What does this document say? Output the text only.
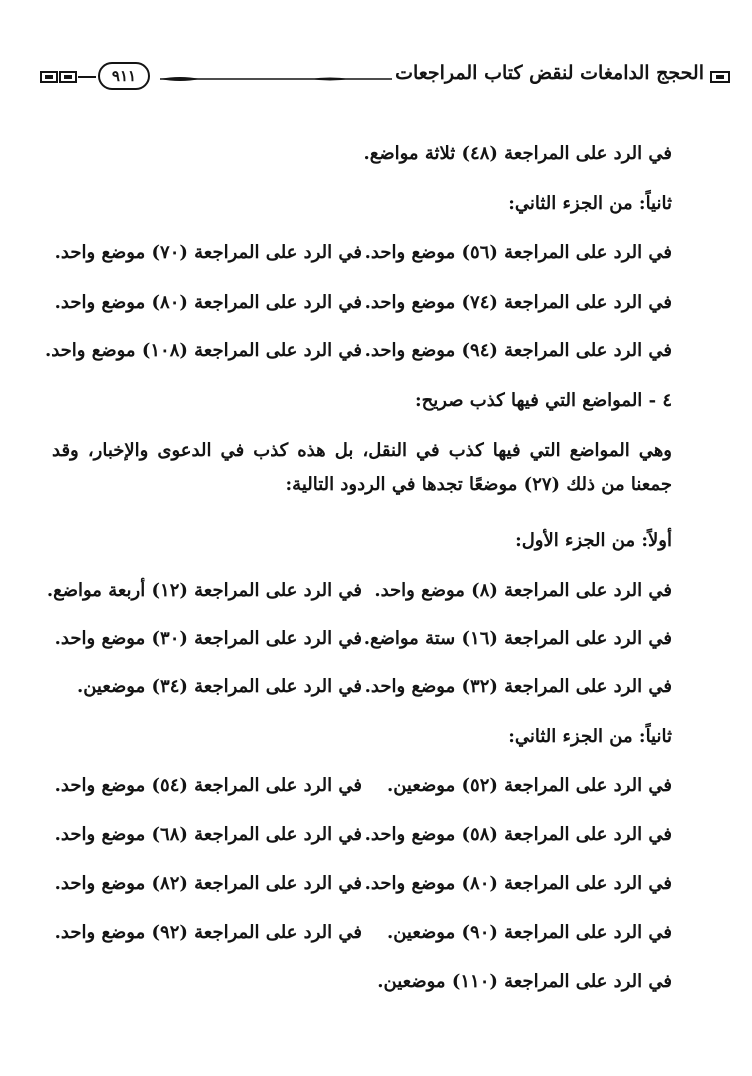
الحجج الدامغات لنقض كتاب المراجعات
٩١١
في الرد على المراجعة (٤٨) ثلاثة مواضع.
ثانياً: من الجزء الثاني:
في الرد على المراجعة (٥٦) موضع واحد.
في الرد على المراجعة (٧٠) موضع واحد.
في الرد على المراجعة (٧٤) موضع واحد.
في الرد على المراجعة (٨٠) موضع واحد.
في الرد على المراجعة (٩٤) موضع واحد.
في الرد على المراجعة (١٠٨) موضع واحد.
٤ - المواضع التي فيها كذب صريح:
وهي المواضع التي فيها كذب في النقل، بل هذه كذب في الدعوى والإخبار، وقد جمعنا من ذلك (٢٧) موضعًا تجدها في الردود التالية:
أولاً: من الجزء الأول:
في الرد على المراجعة (٨) موضع واحد.
في الرد على المراجعة (١٢) أربعة مواضع.
في الرد على المراجعة (١٦) ستة مواضع.
في الرد على المراجعة (٣٠) موضع واحد.
في الرد على المراجعة (٣٢) موضع واحد.
في الرد على المراجعة (٣٤) موضعين.
ثانياً: من الجزء الثاني:
في الرد على المراجعة (٥٢) موضعين.
في الرد على المراجعة (٥٤) موضع واحد.
في الرد على المراجعة (٥٨) موضع واحد.
في الرد على المراجعة (٦٨) موضع واحد.
في الرد على المراجعة (٨٠) موضع واحد.
في الرد على المراجعة (٨٢) موضع واحد.
في الرد على المراجعة (٩٠) موضعين.
في الرد على المراجعة (٩٢) موضع واحد.
في الرد على المراجعة (١١٠) موضعين.
